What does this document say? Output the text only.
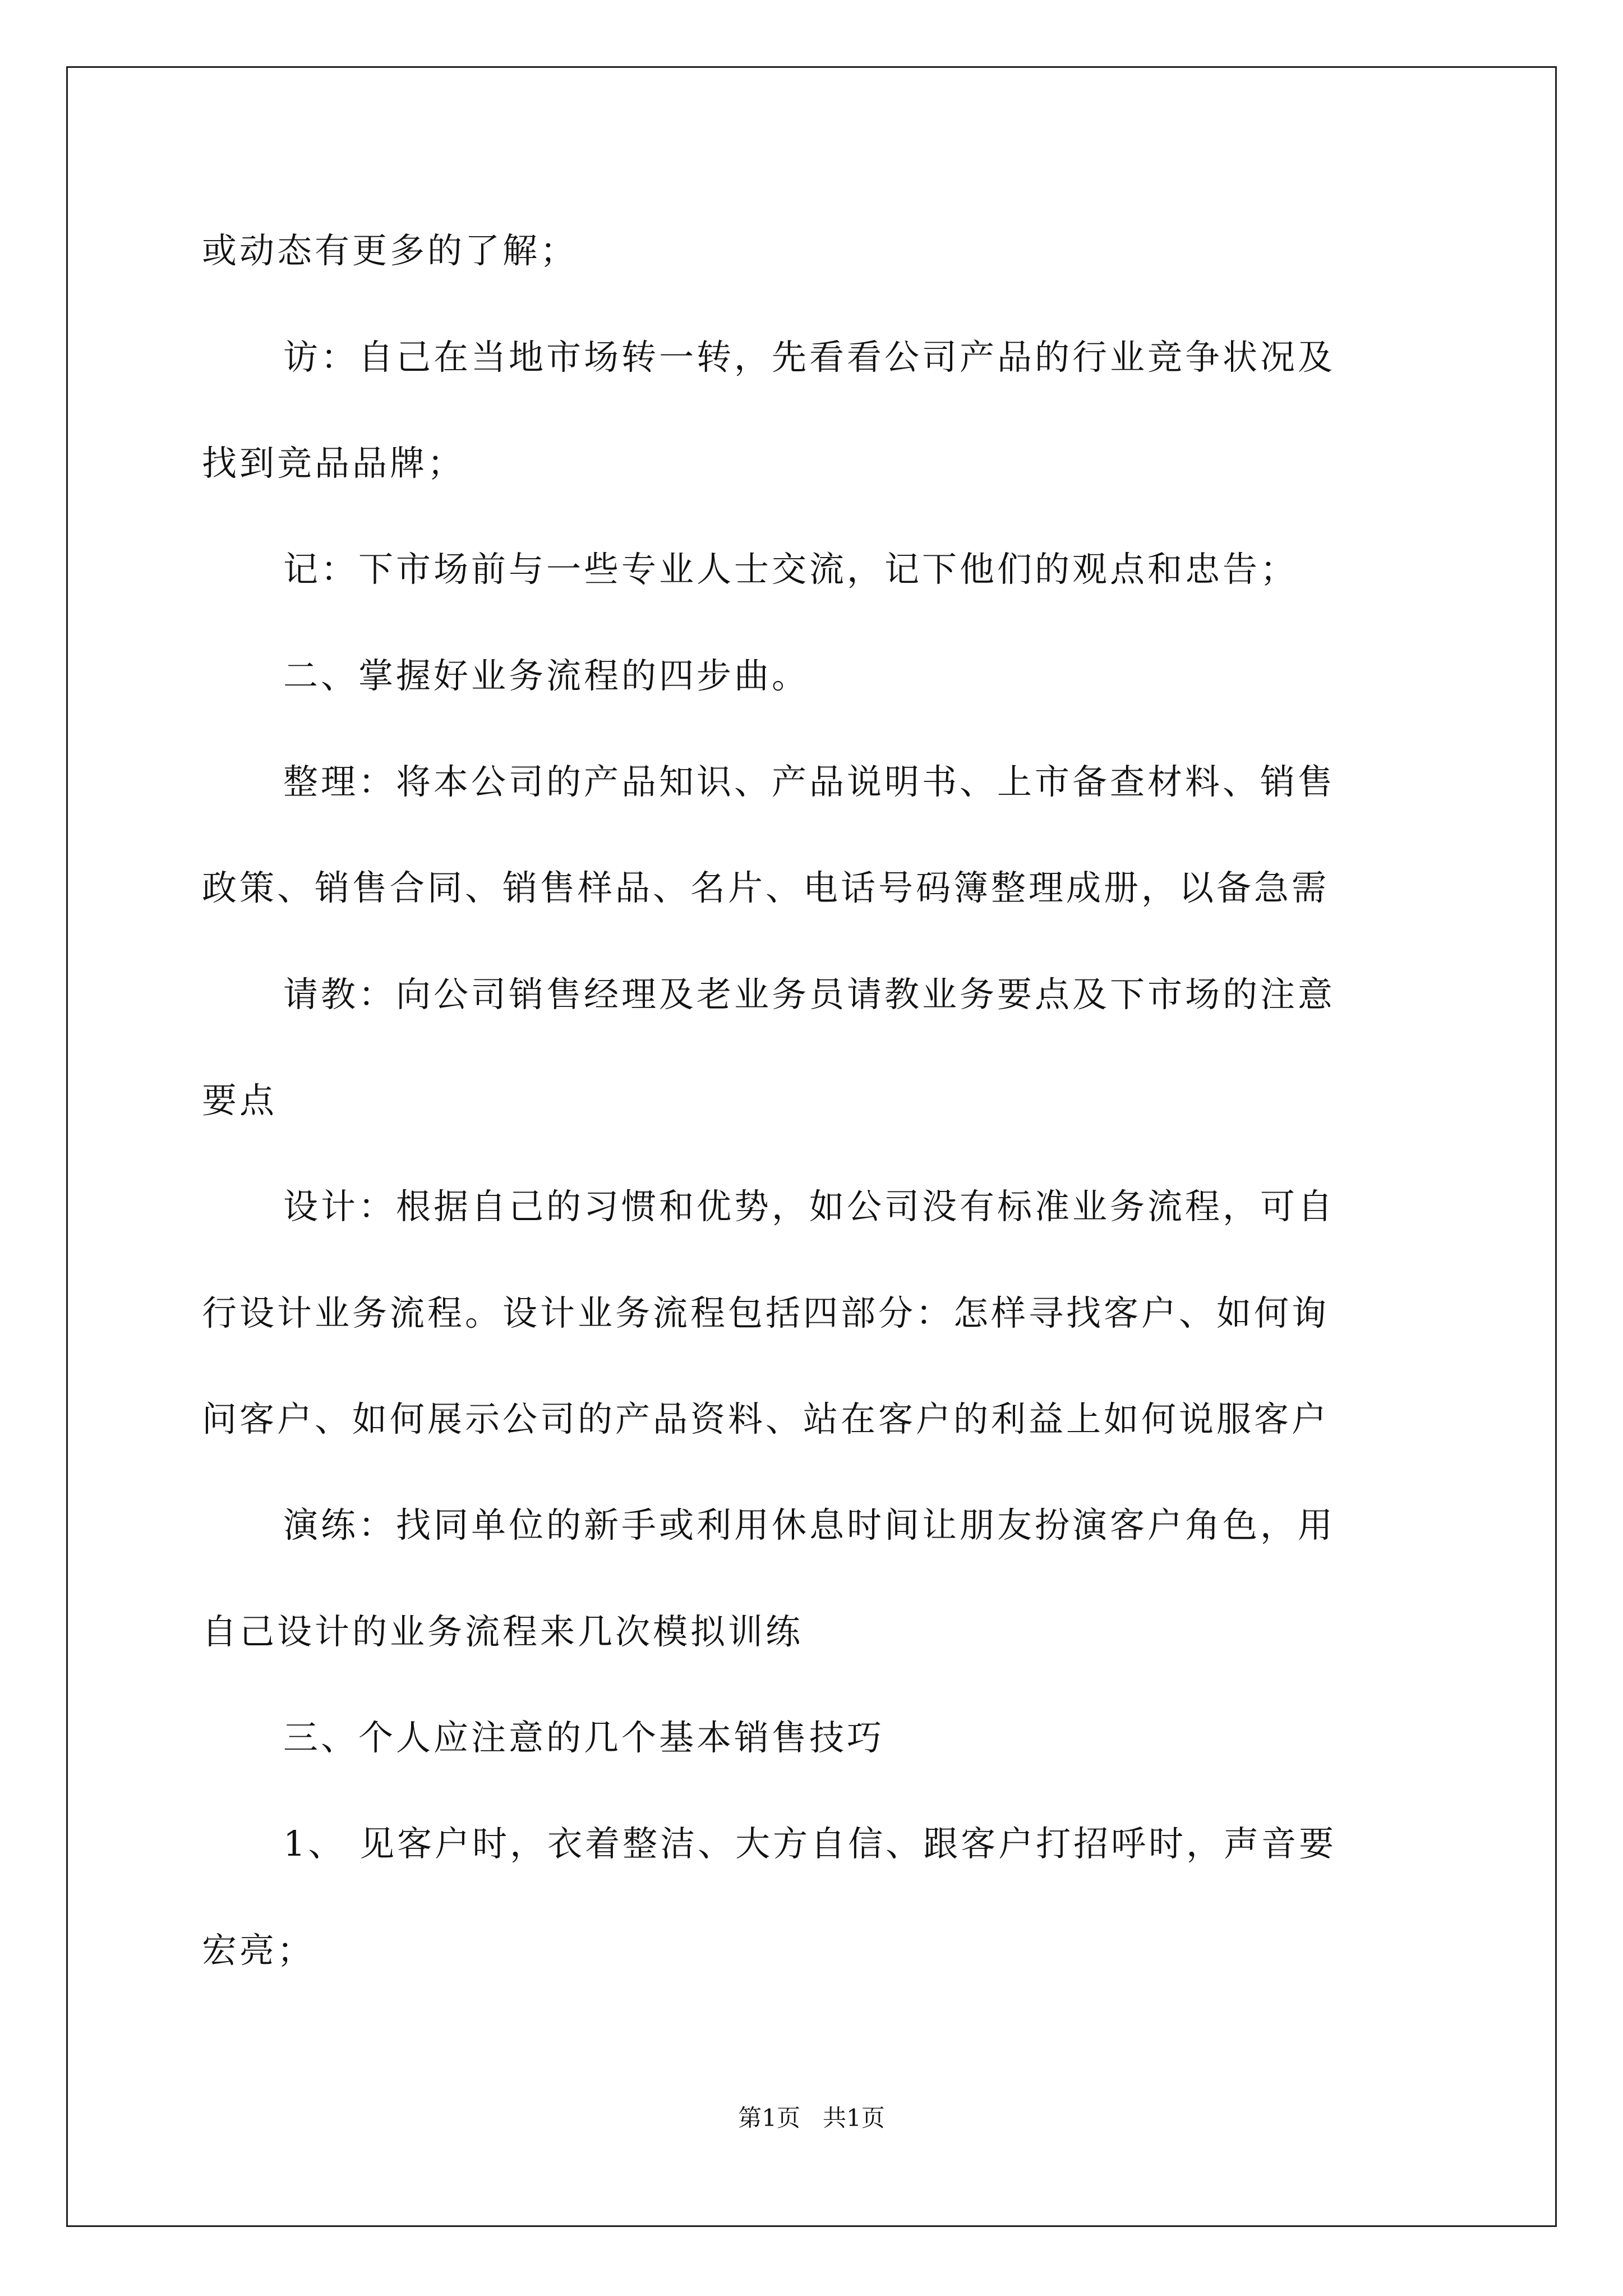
或动态有更多的了解；
访：自己在当地市场转一转，先看看公司产品的行业竞争状况及
找到竞品品牌；
记：下市场前与一些专业人士交流，记下他们的观点和忠告；
二、掌握好业务流程的四步曲。
整理：将本公司的产品知识、产品说明书、上市备查材料、销售
政策、销售合同、销售样品、名片、电话号码簿整理成册，以备急需
请教：向公司销售经理及老业务员请教业务要点及下市场的注意
要点
设计：根据自己的习惯和优势，如公司没有标准业务流程，可自
行设计业务流程。设计业务流程包括四部分：怎样寻找客户、如何询
问客户、如何展示公司的产品资料、站在客户的利益上如何说服客户
演练：找同单位的新手或利用休息时间让朋友扮演客户角色，用
自己设计的业务流程来几次模拟训练
三、个人应注意的几个基本销售技巧
1、 见客户时，衣着整洁、大方自信、跟客户打招呼时，声音要
宏亮；
第1页   共1页
